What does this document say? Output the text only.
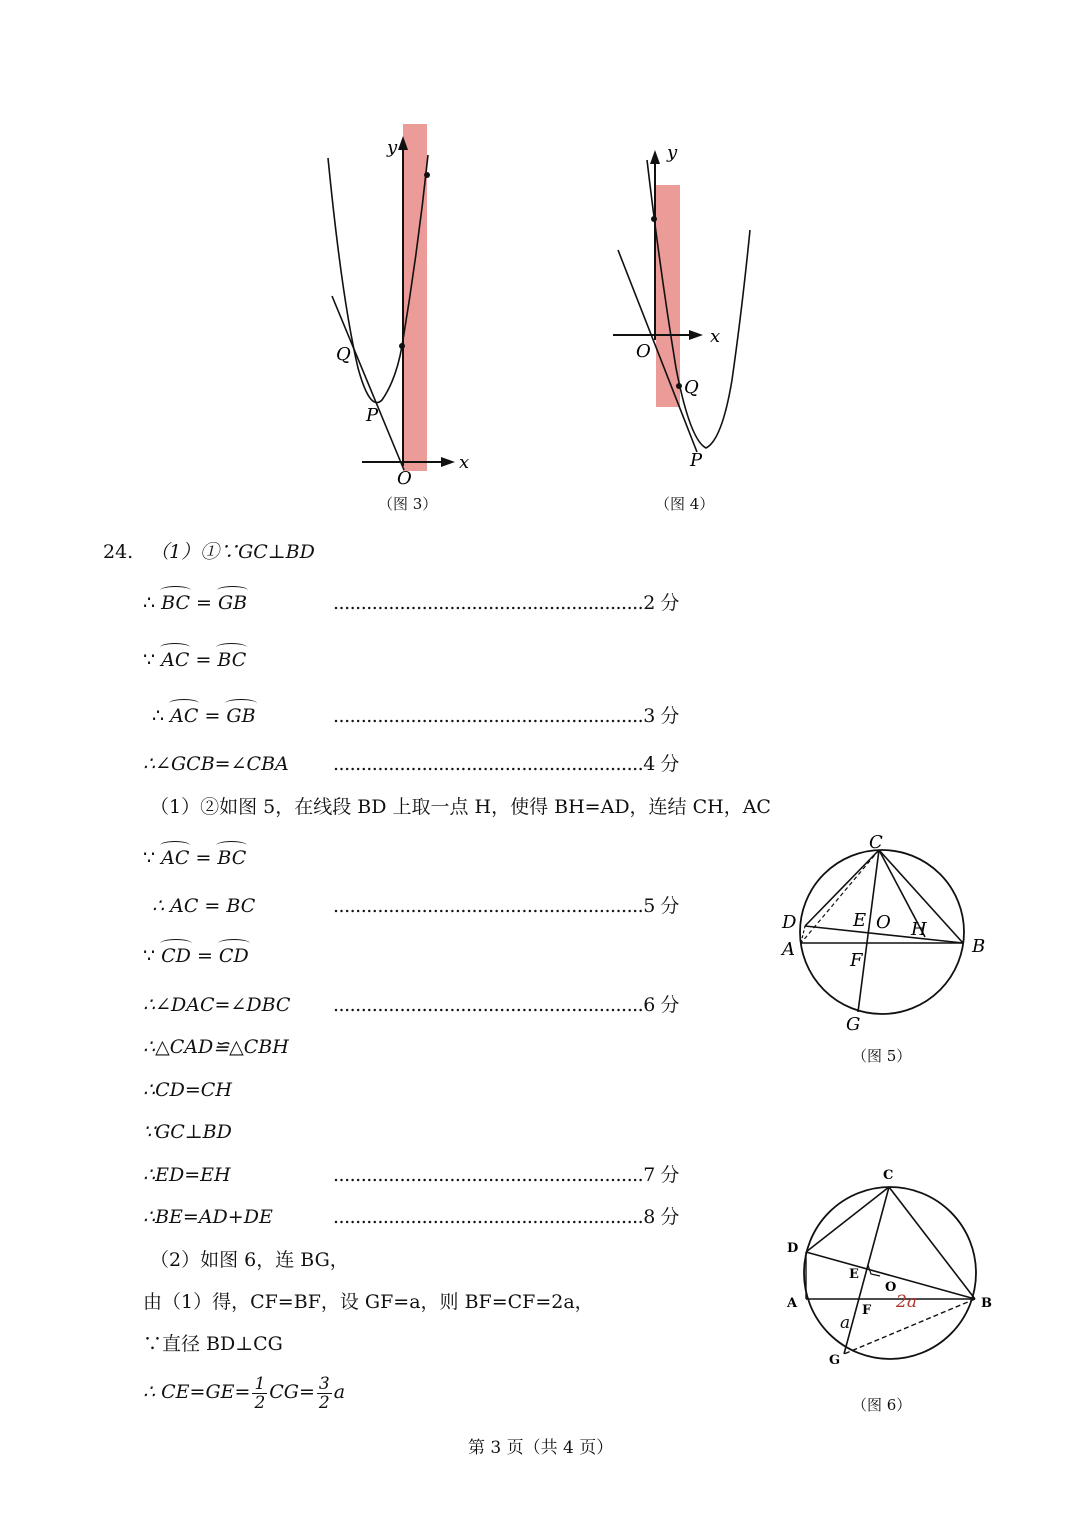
y
x
O
Q
P
（图 3）
y
x
O
Q
P
（图 4）
24. （1）①∵GC⊥BD
∴ BC = GB	........................................................2 分
∵ AC = BC
∴ AC = GB	........................................................3 分
∴∠GCB=∠CBA ........................................................4 分
（1）②如图 5，在线段 BD 上取一点 H，使得 BH=AD，连结 CH，AC
∵ AC = BC
∴ AC = BC	........................................................5 分
∵ CD = CD
∴∠DAC=∠DBC ........................................................6 分
∴△CAD≌△CBH
∴CD=CH
∵GC⊥BD
∴ED=EH	........................................................7 分
∴BE=AD+DE	........................................................8 分
（2）如图 6，连 BG，
由（1）得，CF=BF，设 GF=a，则 BF=CF=2a，
∵直径 BD⊥CG
∴ $CE=GE= \frac{1}{2} CG= \frac{3}{2}$ a
C
D	E O H
A	B
F
G
（图 5）
C
D
E
O
A	B
F
G
a
2a
（图 6）
第 3 页（共 4 页）
